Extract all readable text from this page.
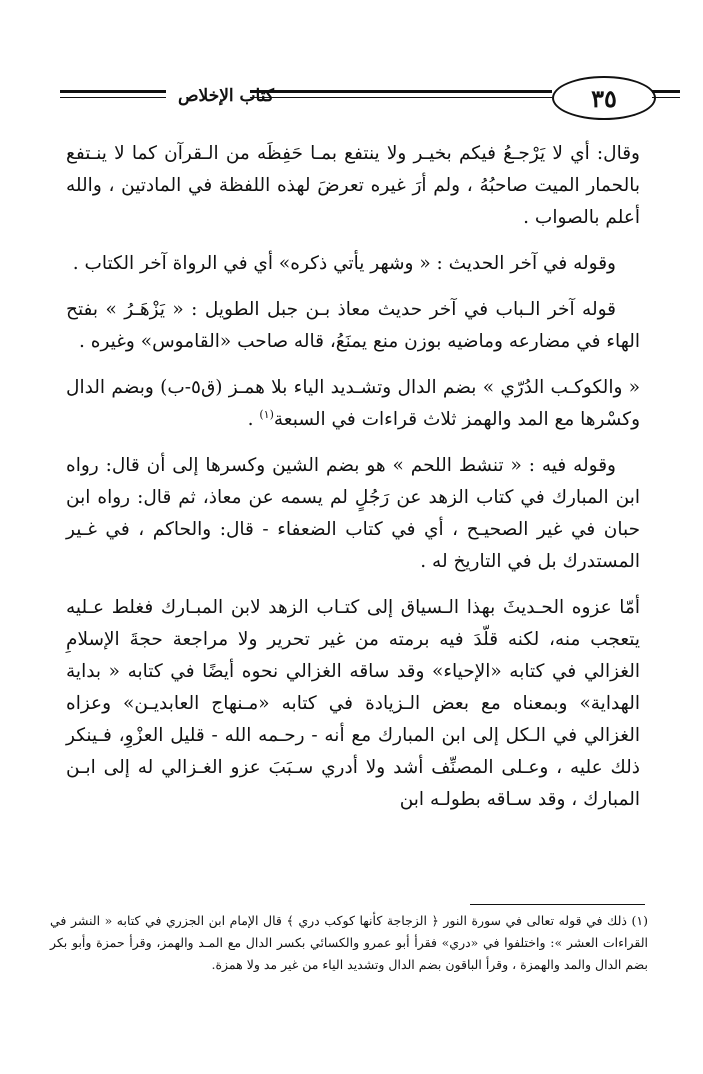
كتاب الإخلاص	٣٥

وقال: أي لا يَرْجـعُ فيكم بخيـر ولا ينتفع بمـا حَفِظَه من الـقرآن كما لا ينـتفع بالحمار الميت صاحبُهُ ، ولم أرَ غيره تعرضَ لهذه اللفظة في المادتين ، والله أعلم بالصواب .

وقوله في آخر الحديث : « وشهر يأتي ذكره» أي في الرواة آخر الكتاب .

قوله آخر الـباب في آخر حديث معاذ بـن جبل الطويل : « يَزْهَـرُ » بفتح الهاء في مضارعه وماضيه بوزن منع يمنَعُ، قاله صاحب «القاموس» وغيره .

« والكوكـب الدُرّي » بضم الدال وتشـديد الياء بلا همـز (ق٥-ب) وبضم الدال وكسْرها مع المد والهمز ثلاث قراءات في السبعة$^{(١)}$ .

وقوله فيه : « تنشط اللحم » هو بضم الشين وكسرها إلى أن قال: رواه ابن المبارك في كتاب الزهد عن رَجُلٍ لم يسمه عن معاذ، ثم قال: رواه ابن حبان في غير الصحيـح ، أي في كتاب الضعفاء - قال: والحاكم ، في غـير المستدرك بل في التاريخ له .

أمّا عزوه الحـديثَ بهذا الـسياق إلى كتـاب الزهد لابن المبـارك فغلط عـليه يتعجب منه، لكنه قلّدَ فيه برمته من غير تحرير ولا مراجعة حجةَ الإسلامِ الغزالي في كتابه «الإحياء» وقد ساقه الغزالي نحوه أيضًا في كتابه « بداية الهداية» وبمعناه مع بعض الـزيادة في كتابه «مـنهاج العابديـن» وعزاه الغزالي في الـكل إلى ابن المبارك مع أنه - رحـمه الله - قليل العزْوِ، فـينكر ذلك عليه ، وعـلى المصنِّف أشد ولا أدري سـبَبَ عزو الغـزالي له إلى ابـن المبارك ، وقد سـاقه بطولـه ابن

(١) ذلك في قوله تعالى في سورة النور ﴿ الزجاجة كأنها كوكب دري ﴾ قال الإمام ابن الجزري في كتابه « النشر في القراءات العشر »: واختلفوا في «دري» فقرأ أبو عمرو والكسائي بكسر الدال مع المـد والهمز، وقرأ حمزة وأبو بكر بضم الدال والمد والهمزة ، وقرأ الباقون بضم الدال وتشديد الياء من غير مد ولا همزة.
